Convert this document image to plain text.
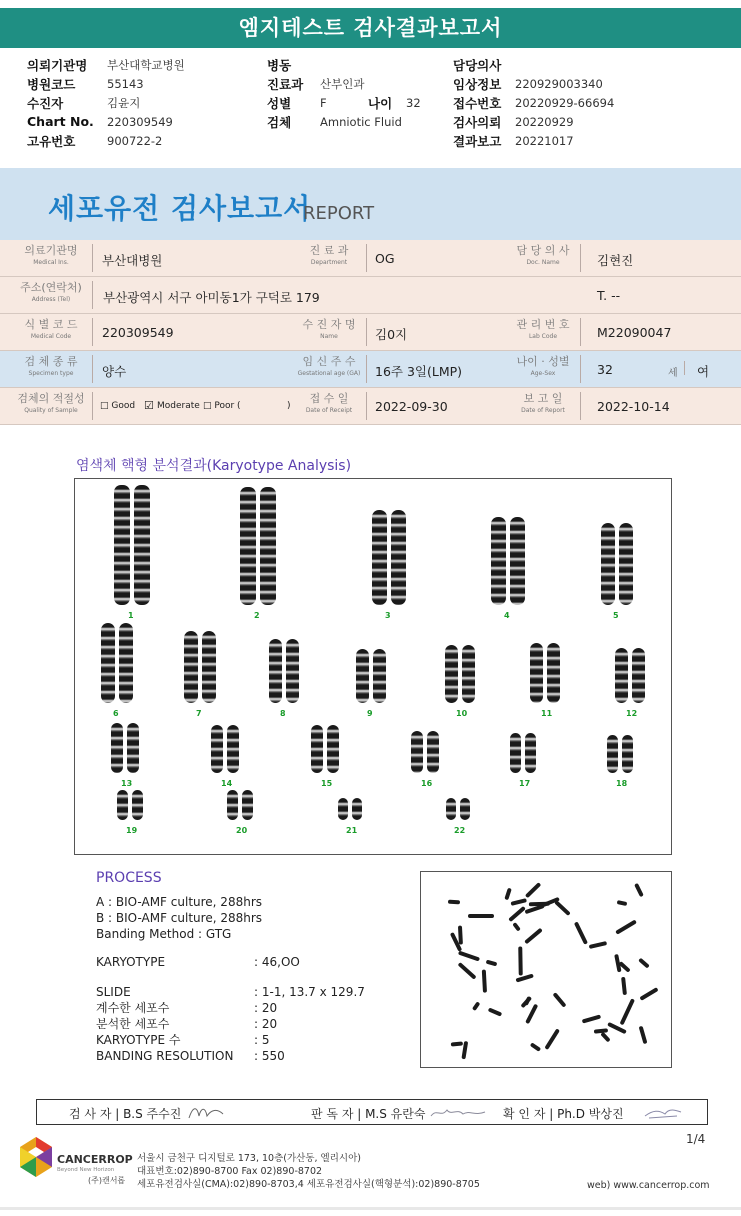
엠지테스트 검사결과보고서
의뢰기관명	부산대학교병원
병원코드	55143
수진자	김윤지
Chart No.	220309549
고유번호	900722-2
병동
진료과	산부인과
성별	F	나이	32
검체	Amniotic Fluid
담당의사
임상정보	220929003340
접수번호	20220929-66694
검사의뢰	20220929
결과보고	20221017
세포유전 검사보고서
REPORT
의료기관명
Medical Ins.	부산대병원
진 료 과
Department	OG
담 당 의 사
Doc. Name	김현진
주소(연락처)
Address (Tel)	부산광역시 서구 아미동1가 구덕로 179	T. --
식 별 코 드
Medical Code	220309549
수 진 자 명
Name	김0지
관 리 번 호
Lab Code	M22090047
검 체 종 류
Specimen type	양수
임 신 주 수
Gestational age (GA)	16주 3일(LMP)
나이 · 성별
Age-Sex	32	세 여
검체의 적절성
Quality of Sample	□ Good ☑ Moderate □ Poor (	)
접 수 일
Date of Receipt	2022-09-30
보 고 일
Date of Report	2022-10-14
염색체 핵형 분석결과(Karyotype Analysis)
1	2	3	4	5
6	7	8	9	10	11	12
13	14	15	16	17	18
19	20	21	22
PROCESS
A : BIO-AMF culture, 288hrs
B : BIO-AMF culture, 288hrs
Banding Method : GTG
KARYOTYPE	: 46,OO
SLIDE	: 1-1, 13.7 x 129.7
계수한 세포수	: 20
분석한 세포수	: 20
KARYOTYPE 수	: 5
BANDING RESOLUTION	: 550
검 사 자 | B.S 주수진	판 독 자 | M.S 유란숙	확 인 자 | Ph.D 박상진
1/4
CANCERROP
Beyond New Horizon
(주)캔서롭
서울시 금천구 디지털로 173, 10층(가산동, 엘리시아)
대표번호:02)890-8700 Fax 02)890-8702
세포유전검사실(CMA):02)890-8703,4 세포유전검사실(핵형분석):02)890-8705	web) www.cancerrop.com
